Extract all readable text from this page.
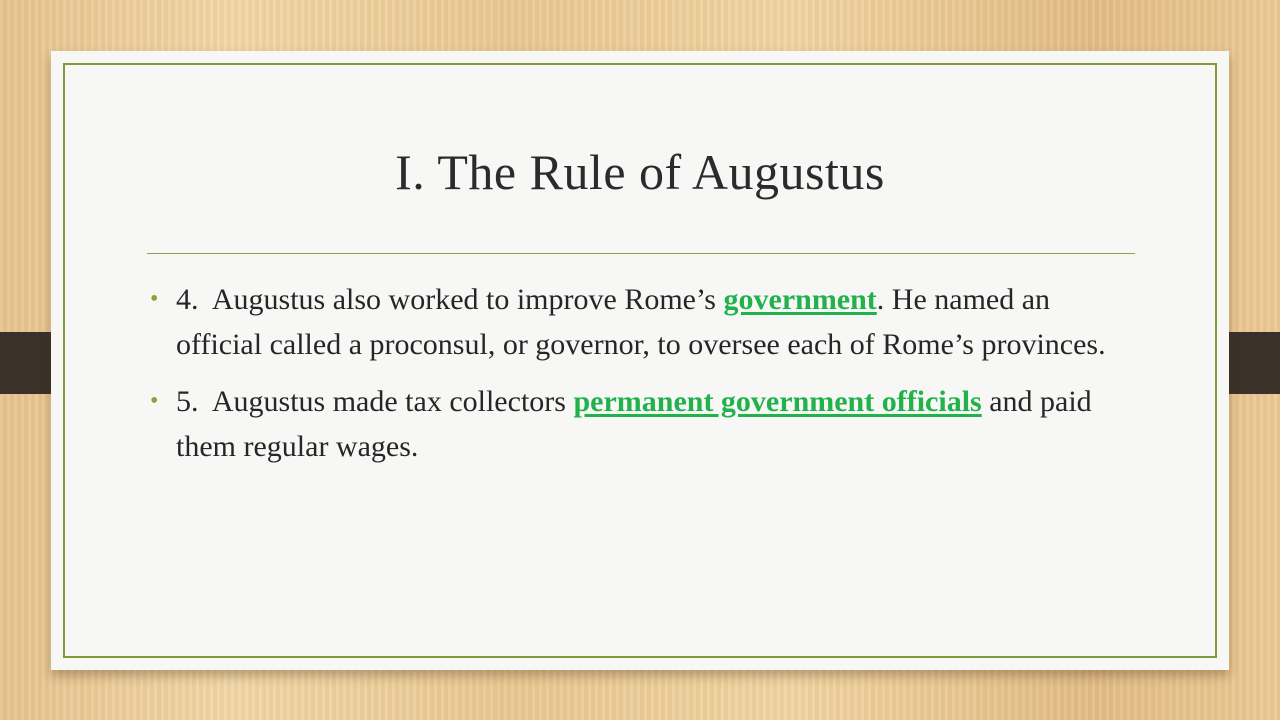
I. The Rule of Augustus
• 4. Augustus also worked to improve Rome’s government. He named an official called a proconsul, or governor, to oversee each of Rome’s provinces.
• 5. Augustus made tax collectors permanent government officials and paid them regular wages.
